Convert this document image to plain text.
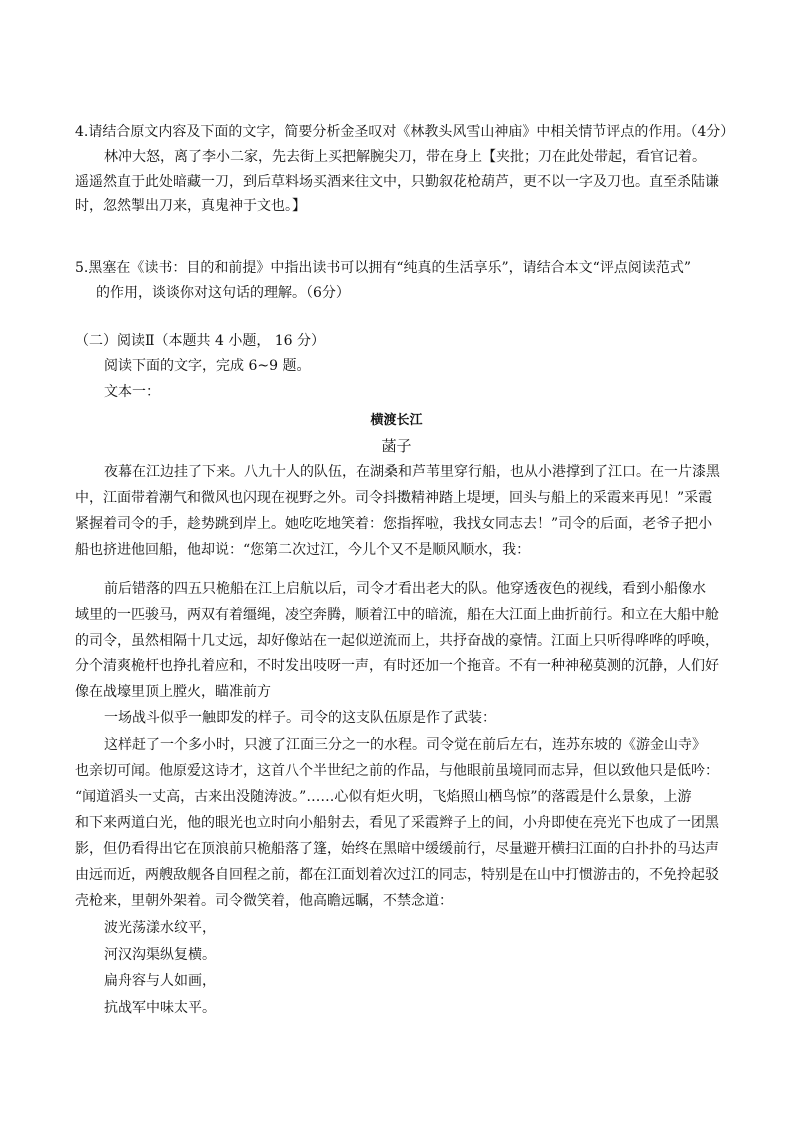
4.请结合原文内容及下面的文字，简要分析金圣叹对《林教头风雪山神庙》中相关情节评点的作用。（4分）
林冲大怒，离了李小二家，先去街上买把解腕尖刀，带在身上【夹批；刀在此处带起，看官记着。
遥遥然直于此处暗藏一刀，到后草料场买酒来往文中，只勤叙花枪葫芦，更不以一字及刀也。直至杀陆谦
时，忽然掣出刀来，真鬼神于文也。】
5.黑塞在《读书：目的和前提》中指出读书可以拥有“纯真的生活享乐”，请结合本文“评点阅读范式”
的作用，谈谈你对这句话的理解。（6分）
（二）阅读Ⅱ（本题共 4 小题， 16 分）
阅读下面的文字，完成 6~9 题。
文本一：
横渡长江
菡子
夜幕在江边挂了下来。八九十人的队伍，在湖桑和芦苇里穿行船，也从小港撑到了江口。在一片漆黑
中，江面带着潮气和微风也闪现在视野之外。司令抖擞精神踏上堤埂，回头与船上的采霞来再见！”采霞
紧握着司令的手，趁势跳到岸上。她吃吃地笑着：您指挥啦，我找女同志去！”司令的后面，老爷子把小
船也挤进他回船，他却说：“您第二次过江，今儿个又不是顺风顺水，我：
前后错落的四五只桅船在江上启航以后，司令才看出老大的队。他穿透夜色的视线，看到小船像水
域里的一匹骏马，两双有着缰绳，凌空奔腾，顺着江中的暗流，船在大江面上曲折前行。和立在大船中舱
的司令，虽然相隔十几丈远，却好像站在一起似逆流而上，共抒奋战的豪情。江面上只听得哗哗的呼唤，
分个清爽桅杆也挣扎着应和，不时发出吱呀一声，有时还加一个拖音。不有一种神秘莫测的沉静，人们好
像在战壕里顶上膛火，瞄准前方
一场战斗似乎一触即发的样子。司令的这支队伍原是作了武装：
这样赶了一个多小时，只渡了江面三分之一的水程。司令觉在前后左右，连苏东坡的《游金山寺》
也亲切可闻。他原爱这诗才，这首八个半世纪之前的作品，与他眼前虽境同而志异，但以致他只是低吟：
“闻道滔头一丈高，古来出没随涛波。”……心似有炬火明，飞焰照山栖鸟惊”的落霞是什么景象，上游
和下来两道白光，他的眼光也立时向小船射去，看见了采霞辫子上的间，小舟即使在亮光下也成了一团黑
影，但仍看得出它在顶浪前只桅船落了篷，始终在黑暗中缓缓前行，尽量避开横扫江面的白扑扑的马达声
由远而近，两艘敌舰各自回程之前，都在江面划着次过江的同志，特别是在山中打惯游击的，不免拎起驳
壳枪来，里朝外架着。司令微笑着，他高瞻远瞩，不禁念道：
波光荡漾水纹平，
河汉沟渠纵复横。
扁舟容与人如画，
抗战军中味太平。
